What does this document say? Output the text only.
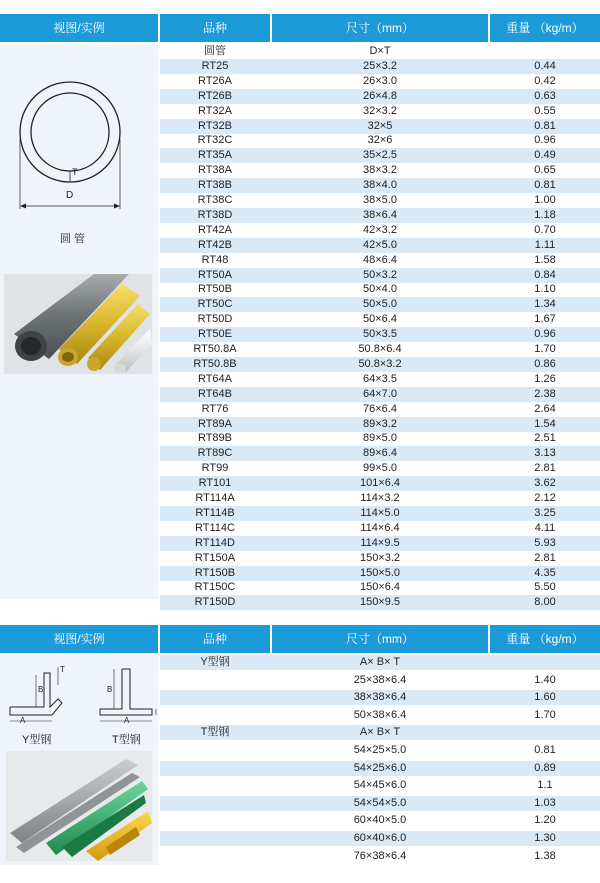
视图/实例	品种	尺寸（mm）	重量 （kg/m）
T
D
圆 管
圆管	D×T
RT25	25×3.2	0.44
RT26A	26×3.0	0.42
RT26B	26×4.8	0.63
RT32A	32×3.2	0.55
RT32B	32×5	0.81
RT32C	32×6	0.96
RT35A	35×2.5	0.49
RT38A	38×3.2	0.65
RT38B	38×4.0	0.81
RT38C	38×5.0	1.00
RT38D	38×6.4	1.18
RT42A	42×3.2	0.70
RT42B	42×5.0	1.11
RT48	48×6.4	1.58
RT50A	50×3.2	0.84
RT50B	50×4.0	1.10
RT50C	50×5.0	1.34
RT50D	50×6.4	1.67
RT50E	50×3.5	0.96
RT50.8A	50.8×6.4	1.70
RT50.8B	50.8×3.2	0.86
RT64A	64×3.5	1.26
RT64B	64×7.0	2.38
RT76	76×6.4	2.64
RT89A	89×3.2	1.54
RT89B	89×5.0	2.51
RT89C	89×6.4	3.13
RT99	99×5.0	2.81
RT101	101×6.4	3.62
RT114A	114×3.2	2.12
RT114B	114×5.0	3.25
RT114C	114×6.4	4.11
RT114D	114×9.5	5.93
RT150A	150×3.2	2.81
RT150B	150×5.0	4.35
RT150C	150×6.4	5.50
RT150D	150×9.5	8.00
视图/实例	品种	尺寸（mm）	重量 （kg/m）
A
B
T
A
B
Y型钢	T型钢
Y型钢	A× B× T
25×38×6.4	1.40
38×38×6.4	1.60
50×38×6.4	1.70
T型钢	A× B× T
54×25×5.0	0.81
54×25×6.0	0.89
54×45×6.0	1.1
54×54×5.0	1.03
60×40×5.0	1.20
60×40×6.0	1.30
76×38×6.4	1.38
